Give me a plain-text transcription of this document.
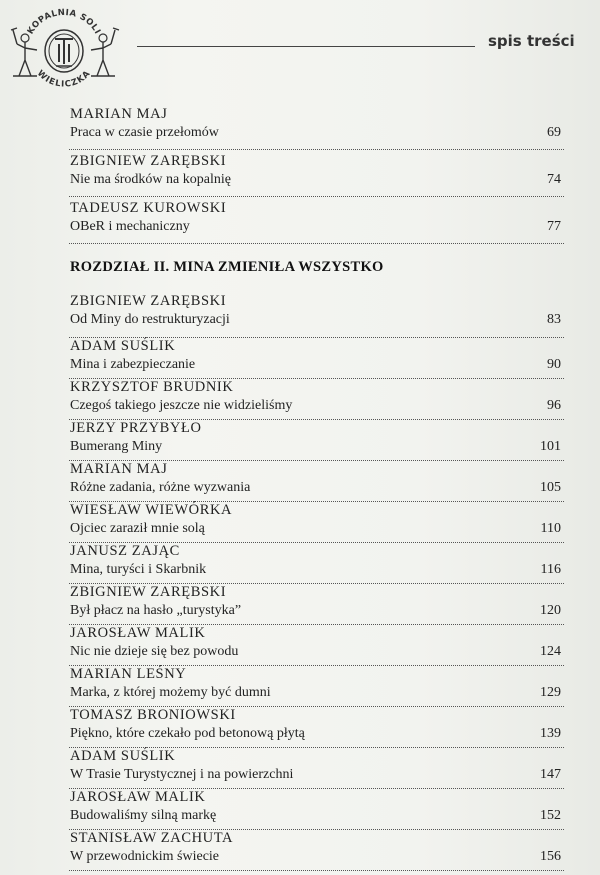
KOPALNIA SOLI
WIELICZKA
spis treści
MARIAN MAJ
Praca w czasie przełomów	69
ZBIGNIEW ZARĘBSKI
Nie ma środków na kopalnię	74
TADEUSZ KUROWSKI
OBeR i mechaniczny	77
ROZDZIAŁ II. MINA ZMIENIŁA WSZYSTKO
ZBIGNIEW ZARĘBSKI
Od Miny do restrukturyzacji	83
ADAM SUŚLIK
Mina i zabezpieczanie	90
KRZYSZTOF BRUDNIK
Czegoś takiego jeszcze nie widzieliśmy	96
JERZY PRZYBYŁO
Bumerang Miny	101
MARIAN MAJ
Różne zadania, różne wyzwania	105
WIESŁAW WIEWÓRKA
Ojciec zaraził mnie solą	110
JANUSZ ZAJĄC
Mina, turyści i Skarbnik	116
ZBIGNIEW ZARĘBSKI
Był płacz na hasło „turystyka”	120
JAROSŁAW MALIK
Nic nie dzieje się bez powodu	124
MARIAN LEŚNY
Marka, z której możemy być dumni	129
TOMASZ BRONIOWSKI
Piękno, które czekało pod betonową płytą	139
ADAM SUŚLIK
W Trasie Turystycznej i na powierzchni	147
JAROSŁAW MALIK
Budowaliśmy silną markę	152
STANISŁAW ZACHUTA
W przewodnickim świecie	156
